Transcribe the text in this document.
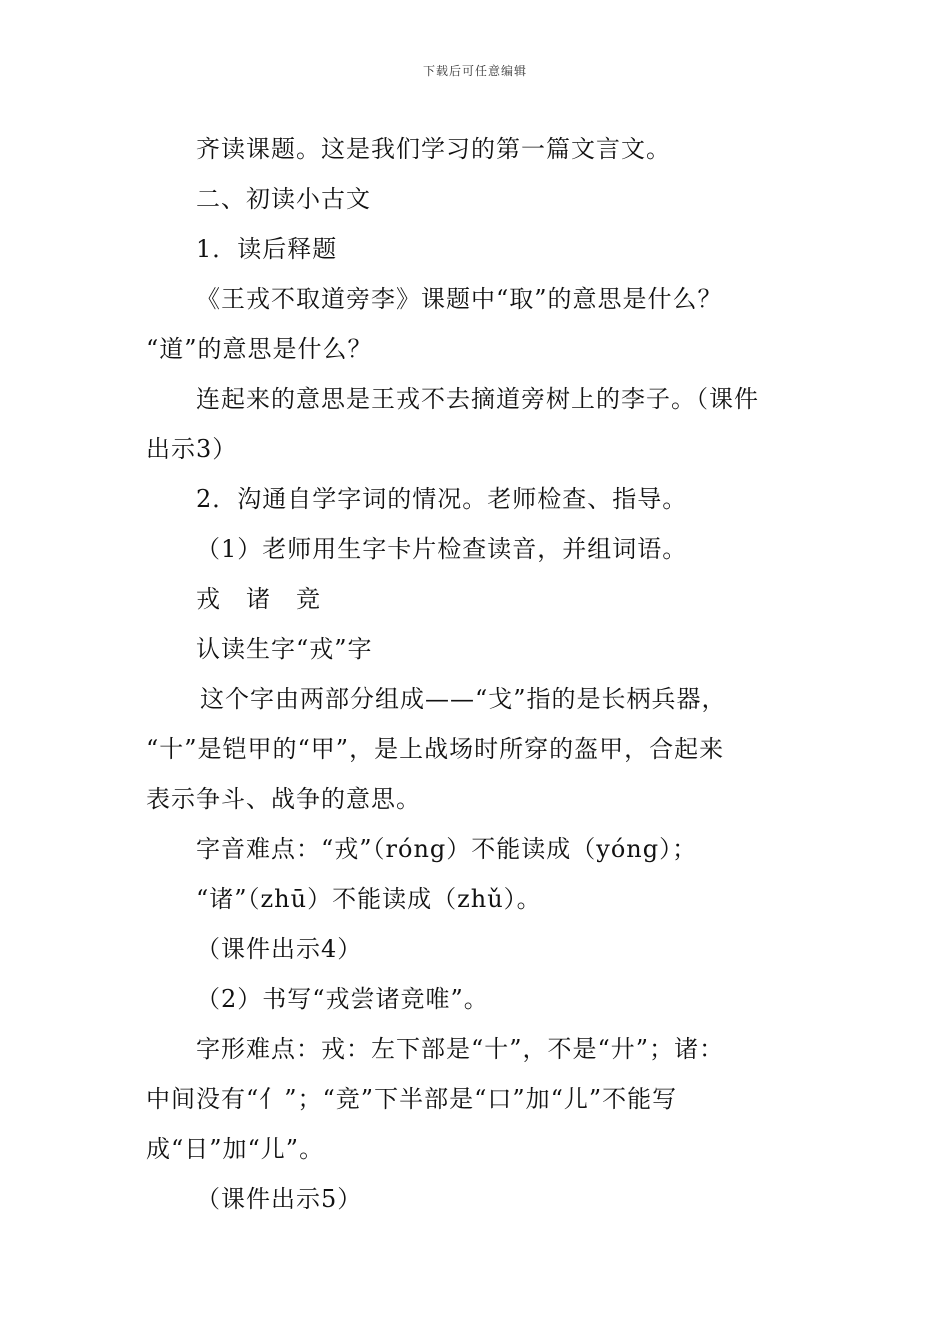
下载后可任意编辑
齐读课题。这是我们学习的第一篇文言文。
二、初读小古文
1．读后释题
《王戎不取道旁李》课题中“取”的意思是什么？
“道”的意思是什么？
连起来的意思是王戎不去摘道旁树上的李子。（课件
出示3）
2．沟通自学字词的情况。老师检查、指导。
（1）老师用生字卡片检查读音，并组词语。
戎　诸　竞
认读生字“戎”字
这个字由两部分组成——“戈”指的是长柄兵器，
“十”是铠甲的“甲”，是上战场时所穿的盔甲，合起来
表示争斗、战争的意思。
字音难点：“戎”（róng）不能读成（yóng）；
“诸”（zhū）不能读成（zhǔ）。
（课件出示4）
（2）书写“戎尝诸竞唯”。
字形难点：戎：左下部是“十”，不是“廾”；诸：
中间没有“亻”；“竞”下半部是“口”加“儿”不能写
成“日”加“儿”。
（课件出示5）
